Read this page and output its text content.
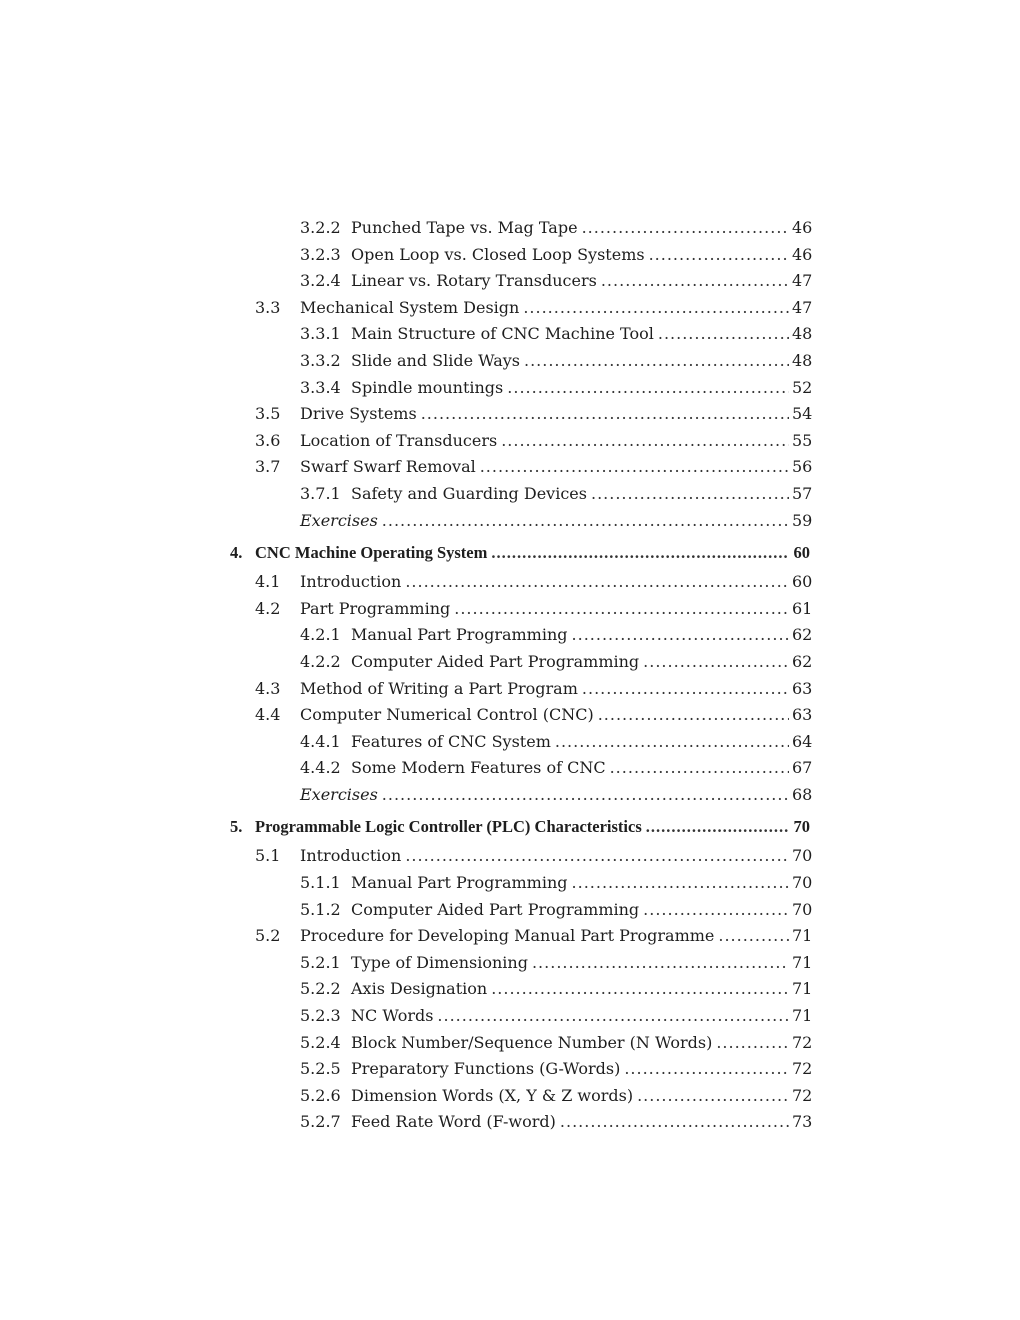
3.2.2 Punched Tape vs. Mag Tape .....	46
3.2.3 Open Loop vs. Closed Loop Systems .....	46
3.2.4 Linear vs. Rotary Transducers .....	47
3.3 Mechanical System Design .....	47
3.3.1 Main Structure of CNC Machine Tool .....	48
3.3.2 Slide and Slide Ways .....	48
3.3.4 Spindle mountings .....	52
3.5 Drive Systems .....	54
3.6 Location of Transducers .....	55
3.7 Swarf Swarf Removal .....	56
3.7.1 Safety and Guarding Devices .....	57
Exercises .....	59
4. CNC Machine Operating System .....	60
4.1 Introduction .....	60
4.2 Part Programming .....	61
4.2.1 Manual Part Programming .....	62
4.2.2 Computer Aided Part Programming .....	62
4.3 Method of Writing a Part Program .....	63
4.4 Computer Numerical Control (CNC) .....	63
4.4.1 Features of CNC System .....	64
4.4.2 Some Modern Features of CNC .....	67
Exercises .....	68
5. Programmable Logic Controller (PLC) Characteristics .....	70
5.1 Introduction .....	70
5.1.1 Manual Part Programming .....	70
5.1.2 Computer Aided Part Programming .....	70
5.2 Procedure for Developing Manual Part Programme .....	71
5.2.1 Type of Dimensioning .....	71
5.2.2 Axis Designation .....	71
5.2.3 NC Words .....	71
5.2.4 Block Number/Sequence Number (N Words) .....	72
5.2.5 Preparatory Functions (G-Words) .....	72
5.2.6 Dimension Words (X, Y & Z words) .....	72
5.2.7 Feed Rate Word (F-word) .....	73
